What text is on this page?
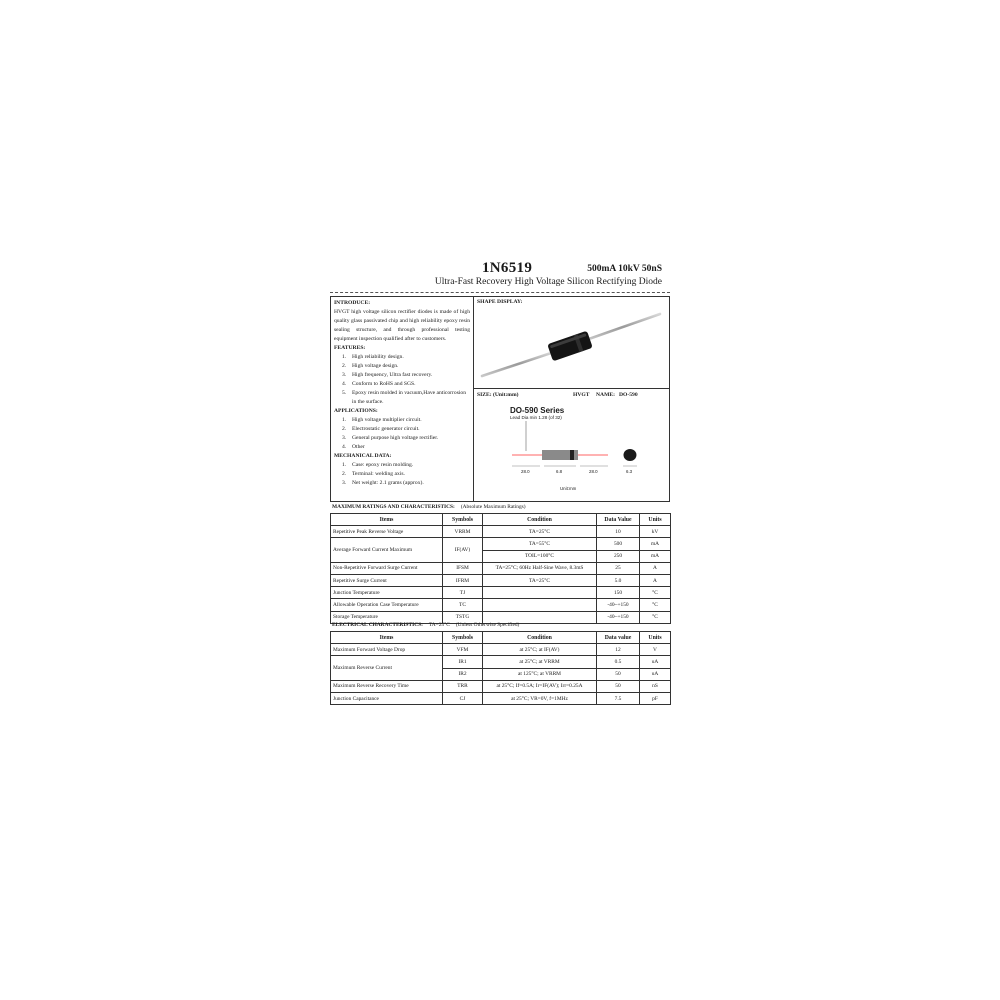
1N6519	500mA 10kV 50nS
Ultra-Fast Recovery High Voltage Silicon Rectifying Diode
INTRODUCE:
HVGT high voltage silicon rectifier diodes is made of high quality glass passivated chip and high reliability epoxy resin sealing structure, and through professional testing equipment inspection qualified after to customers.
FEATURES:
1.	High reliability design.
2.	High voltage design.
3.	High frequency, Ultra fast recovery.
4.	Conform to RoHS and SGS.
5.	Epoxy resin molded in vacuum,Have anticorrosion in the surface.
APPLICATIONS:
1.	High voltage multiplier circuit.
2.	Electrostatic generator circuit.
3.	General purpose high voltage rectifier.
4.	Other
MECHANICAL DATA:
1.	Case: epoxy resin molding.
2.	Terminal: welding axis.
3.	Net weight: 2.1 grams (approx).
SHAPE DISPLAY:
SIZE: (Unit:mm)	HVGT NAME: DO-590
DO-590 Series
Lead Dia min 1.28 (of 32)
28.0	6.8	28.0	6.3
Unit:mm
MAXIMUM RATINGS AND CHARACTERISTICS: (Absolute Maximum Ratings)
Items	Symbols	Condition	Data Value	Units
Repetitive Peak Reverse Voltage	VRRM	TA=25°C	10	kV
Average Forward Current Maximum	IF(AV)	TA=55°C	500	mA
		TOIL=100°C	250	mA
Non-Repetitive Forward Surge Current	IFSM	TA=25°C; 60Hz Half-Sine Wave, 8.3mS	25	A
Repetitive Surge Current	IFRM	TA=25°C	5.0	A
Junction Temperature	TJ		150	°C
Allowable Operation Case Temperature	TC		-40~+150	°C
Storage Temperature	TSTG		-40~+150	°C
ELECTRICAL CHARACTERISTICS: TA=25°C (Unless Otherwise Specified)
Items	Symbols	Condition	Data value	Units
Maximum Forward Voltage Drop	VFM	at 25°C; at IF(AV)	12	V
Maximum Reverse Current	IR1	at 25°C; at VRRM	0.5	uA
	IR2	at 125°C; at VRRM	50	uA
Maximum Reverse Recovery Time	TRR	at 25°C; If=0.5A; Ir=IF(AV); Irr=0.25A	50	nS
Junction Capacitance	CJ	at 25°C; VR=0V, f=1MHz	7.5	pF
